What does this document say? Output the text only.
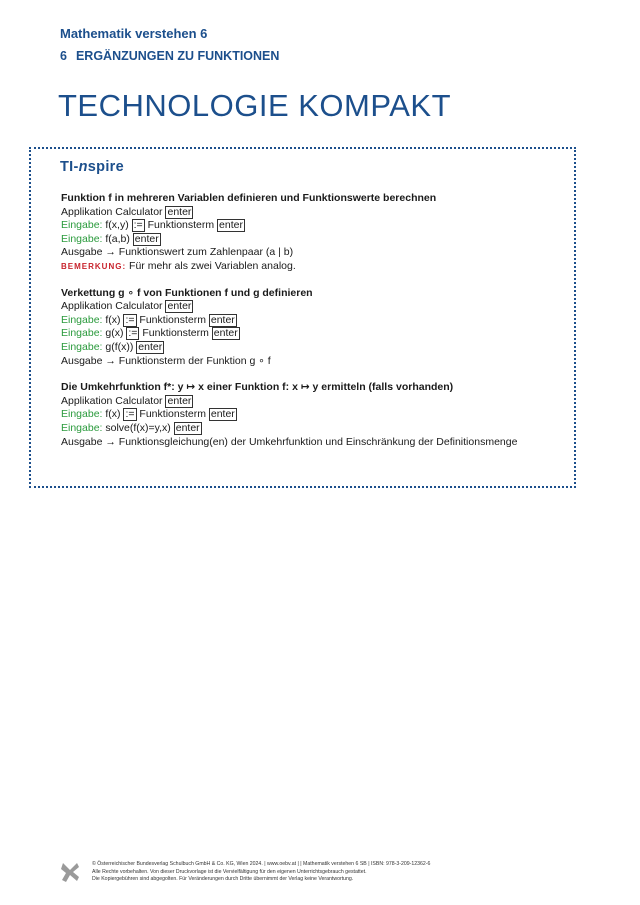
Mathematik verstehen 6
6 ERGÄNZUNGEN ZU FUNKTIONEN
TECHNOLOGIE KOMPAKT
TI-nspire
Funktion f in mehreren Variablen definieren und Funktionswerte berechnen
Applikation Calculator enter
Eingabe: f(x,y) := Funktionsterm enter
Eingabe: f(a,b) enter
Ausgabe → Funktionswert zum Zahlenpaar (a | b)
BEMERKUNG: Für mehr als zwei Variablen analog.
Verkettung g ∘ f von Funktionen f und g definieren
Applikation Calculator enter
Eingabe: f(x) := Funktionsterm enter
Eingabe: g(x) := Funktionsterm enter
Eingabe: g(f(x)) enter
Ausgabe → Funktionsterm der Funktion g ∘ f
Die Umkehrfunktion f*: y ↦ x einer Funktion f: x ↦ y ermitteln (falls vorhanden)
Applikation Calculator enter
Eingabe: f(x) := Funktionsterm enter
Eingabe: solve(f(x)=y,x) enter
Ausgabe → Funktionsgleichung(en) der Umkehrfunktion und Einschränkung der Definitionsmenge
© Österreichischer Bundesverlag Schulbuch GmbH & Co. KG, Wien 2024. | www.oebv.at | | Mathematik verstehen 6 SB | ISBN: 978-3-209-12362-6
Alle Rechte vorbehalten. Von dieser Druckvorlage ist die Vervielfältigung für den eigenen Unterrichtsgebrauch gestattet.
Die Kopiergebühren sind abgegolten. Für Veränderungen durch Dritte übernimmt der Verlag keine Verantwortung.
